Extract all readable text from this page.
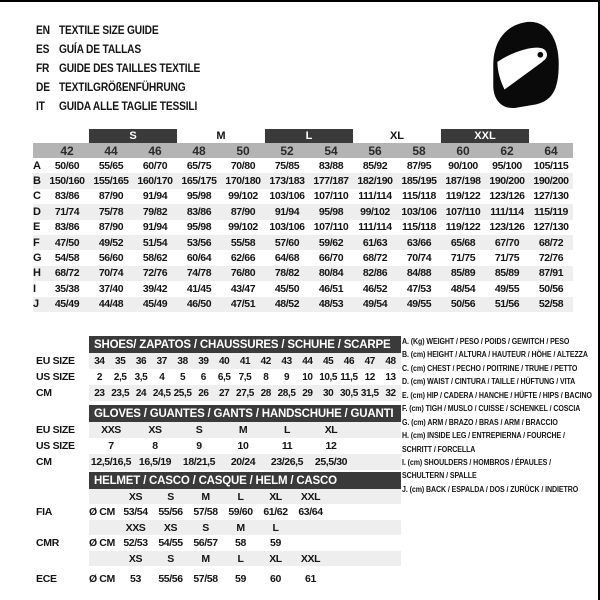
EN TEXTILE SIZE GUIDE
ES GUÍA DE TALLAS
FR GUIDE DES TAILLES TEXTILE
DE TEXTILGRÖßENFÜHRUNG
IT	GUIDA ALLE TAGLIE TESSILI
S	M	L	XL	XXL
42	44	46	48	50	52	54	56	58	60	62	64
A	50/60	55/65	60/70	65/75	70/80	75/85	83/88	85/92	87/95	90/100	95/100	105/115
B 150/160 155/165 160/170 165/175 170/180 173/183 177/187 182/190 185/195 187/198 190/200 190/200
C	83/86	87/90	91/94	95/98	99/102	103/106 107/110 111/114 115/118 119/122 123/126 127/130
D	71/74	75/78	79/82	83/86	87/90	91/94	95/98	99/102	103/106 107/110 111/114 115/119
E	83/86	87/90	91/94	95/98	99/102	103/106 107/110 111/114 115/118 119/122 123/126 127/130
F	47/50	49/52	51/54	53/56	55/58	57/60	59/62	61/63	63/66	65/68	67/70	68/72
G	54/58	56/60	58/62	60/64	62/66	64/68	66/70	68/72	70/74	71/75	71/75	72/76
H	68/72	70/74	72/76	74/78	76/80	78/82	80/84	82/86	84/88	85/89	85/89	87/91
I	35/38	37/40	39/42	41/45	43/47	45/50	46/51	46/52	47/53	48/54	49/55	50/56
J	45/49	44/48	45/49	46/50	47/51	48/52	48/53	49/54	49/55	50/56	51/56	52/58
SHOES/ ZAPATOS / CHAUSSURES / SCHUHE / SCARPE
EU SIZE	34	35	36	37	38	39	40	41	42	43	44	45	46	47	48
US SIZE	2	2,5 3,5	4	5	6	6,5 7,5	8	9	10 10,5 11,5 12	13
CM	23 23,5 24 24,5 25,5 26	27 27,5 28 28,5 29	30 30,5 31,5 32
GLOVES / GUANTES / GANTS / HANDSCHUHE / GUANTI
EU SIZE	XXS	XS	S	M	L	XL
US SIZE	7	8	9	10	11	12
CM	12,5/16,5 16,5/19	18/21,5	20/24	23/26,5	25,5/30
HELMET / CASCO / CASQUE / HELM / CASCO
XS	S	M	L	XL	XXL
FIA	Ø CM 53/54	55/56	57/58	59/60	61/62	63/64
XXS	XS	S	M	L
CMR	Ø CM 52/53	54/55	56/57	58	59
XS	S	M	L	XL	XXL
ECE	Ø CM	53	55/56	57/58	59	60	61
A. (Kg) WEIGHT / PESO / POIDS / GEWITCH / PESO
B. (cm) HEIGHT / ALTURA / HAUTEUR / HÖHE / ALTEZZA
C. (cm) CHEST / PECHO / POITRINE / TRUHE / PETTO
D. (cm) WAIST / CINTURA / TAILLE / HÜFTUNG / VITA
E. (cm) HIP / CADERA / HANCHE / HÜFTE / HIPS / BACINO
F. (cm) TIGH / MUSLO / CUISSE / SCHENKEL / COSCIA
G. (cm) ARM / BRAZO / BRAS / ARM / BRACCIO
H. (cm) INSIDE LEG / ENTREPIERNA / FOURCHE /
SCHRITT / FORCELLA
I. (cm) SHOULDERS / HOMBROS / ÉPAULES /
SCHULTERN / SPALLE
J. (cm) BACK / ESPALDA / DOS / ZURÜCK / INDIETRO
